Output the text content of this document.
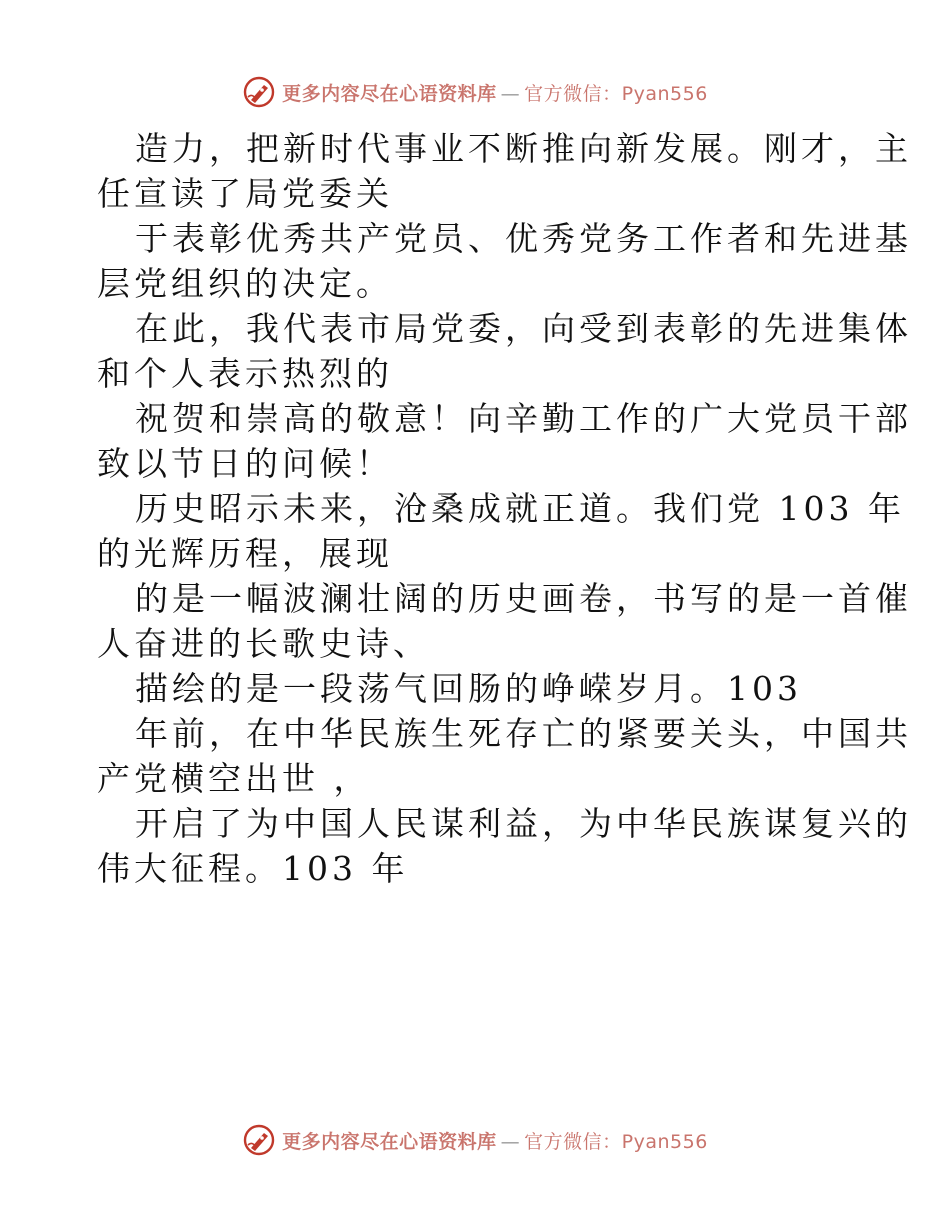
更多内容尽在心语资料库 — 官方微信：Pyan556
造力，把新时代事业不断推向新发展。刚才，主
任宣读了局党委关
于表彰优秀共产党员、优秀党务工作者和先进基
层党组织的决定。
在此，我代表市局党委，向受到表彰的先进集体
和个人表示热烈的
祝贺和崇高的敬意！向辛勤工作的广大党员干部
致以节日的问候！
历史昭示未来，沧桑成就正道。我们党 103 年
的光辉历程，展现
的是一幅波澜壮阔的历史画卷，书写的是一首催
人奋进的长歌史诗、
描绘的是一段荡气回肠的峥嵘岁月。103
年前，在中华民族生死存亡的紧要关头，中国共
产党横空出世 ，
开启了为中国人民谋利益，为中华民族谋复兴的
伟大征程。103 年
更多内容尽在心语资料库 — 官方微信：Pyan556
